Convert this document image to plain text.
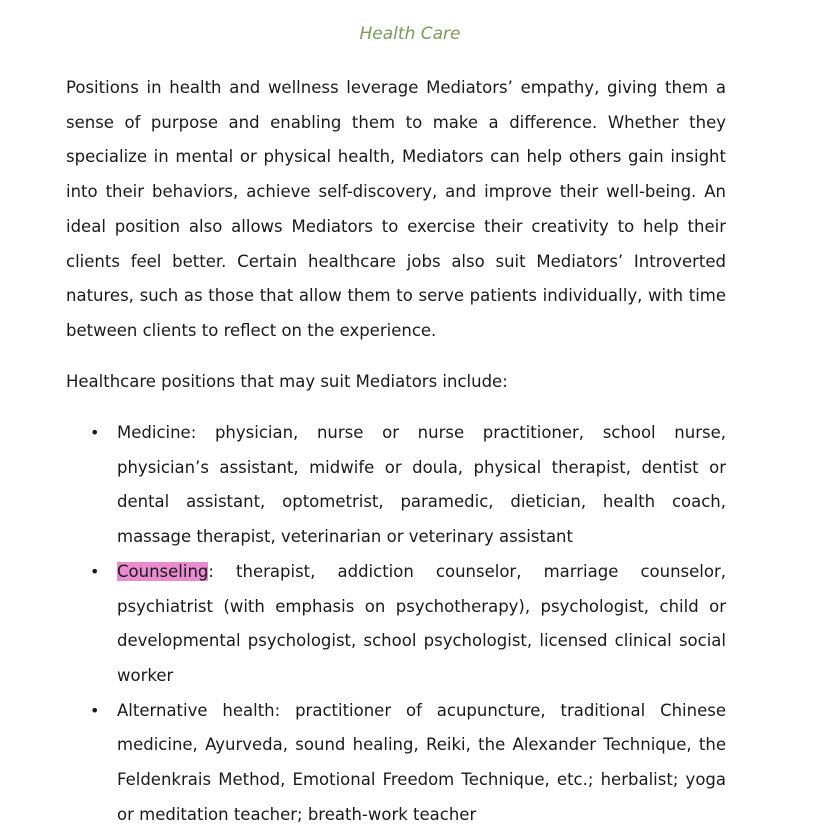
Health Care

Positions in health and wellness leverage Mediators’ empathy, giving them a sense of purpose and enabling them to make a difference. Whether they specialize in mental or physical health, Mediators can help others gain insight into their behaviors, achieve self-discovery, and improve their well-being. An ideal position also allows Mediators to exercise their creativity to help their clients feel better. Certain healthcare jobs also suit Mediators’ Introverted natures, such as those that allow them to serve patients individually, with time between clients to reflect on the experience.

Healthcare positions that may suit Mediators include:

• Medicine: physician, nurse or nurse practitioner, school nurse, physician’s assistant, midwife or doula, physical therapist, dentist or dental assistant, optometrist, paramedic, dietician, health coach, massage therapist, veterinarian or veterinary assistant
• Counseling: therapist, addiction counselor, marriage counselor, psychiatrist (with emphasis on psychotherapy), psychologist, child or developmental psychologist, school psychologist, licensed clinical social worker
• Alternative health: practitioner of acupuncture, traditional Chinese medicine, Ayurveda, sound healing, Reiki, the Alexander Technique, the Feldenkrais Method, Emotional Freedom Technique, etc.; herbalist; yoga or meditation teacher; breath-work teacher
